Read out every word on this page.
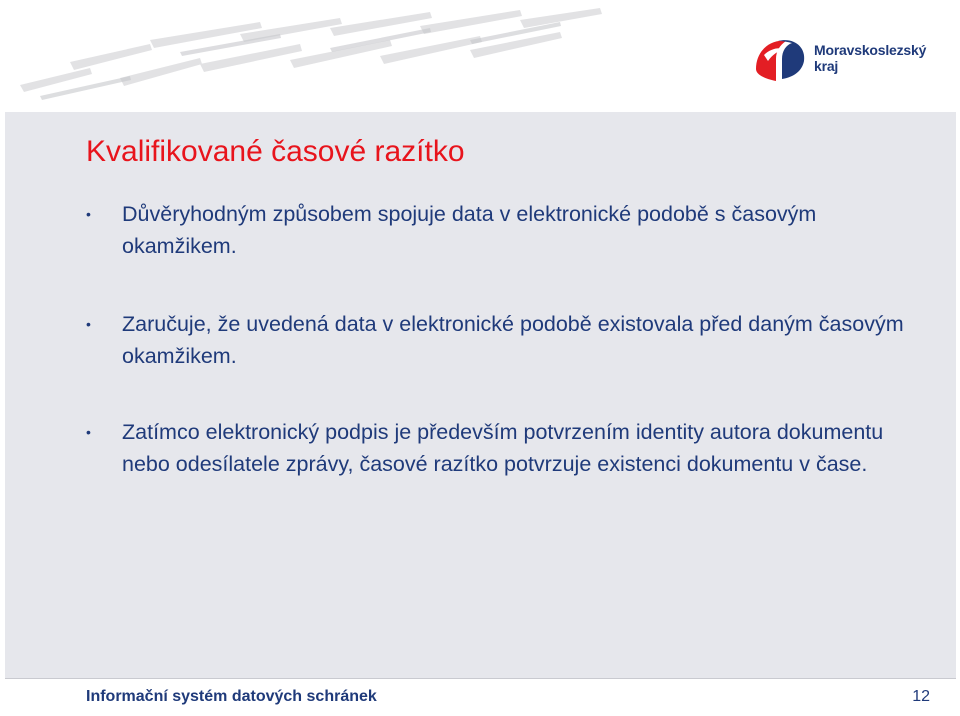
Moravskoslezský
kraj
Kvalifikované časové razítko
• Důvěryhodným způsobem spojuje data v elektronické podobě s časovým okamžikem.
• Zaručuje, že uvedená data v elektronické podobě existovala před daným časovým okamžikem.
• Zatímco elektronický podpis je především potvrzením identity autora dokumentu nebo odesílatele zprávy, časové razítko potvrzuje existenci dokumentu v čase.
Informační systém datových schránek	12
